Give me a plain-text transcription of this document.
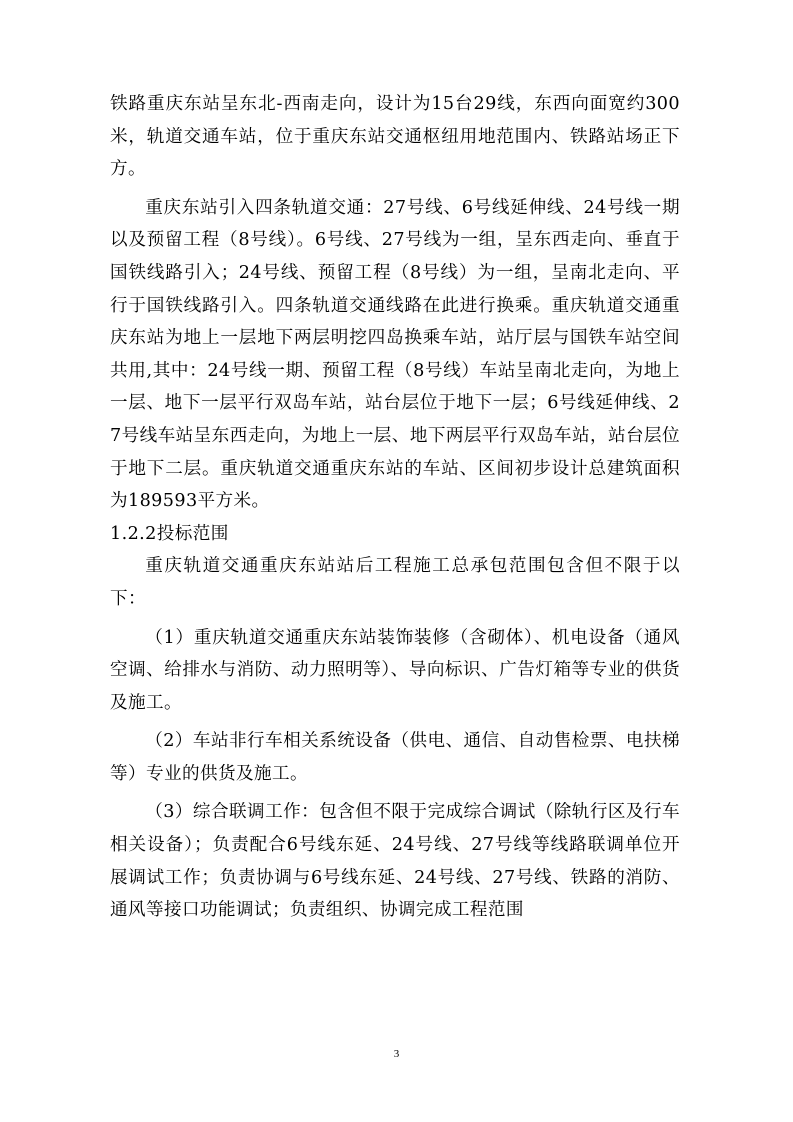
铁路重庆东站呈东北-西南走向，设计为15台29线，东西向面宽约300米，轨道交通车站，位于重庆东站交通枢纽用地范围内、铁路站场正下方。

重庆东站引入四条轨道交通：27号线、6号线延伸线、24号线一期以及预留工程（8号线）。6号线、27号线为一组，呈东西走向、垂直于国铁线路引入；24号线、预留工程（8号线）为一组，呈南北走向、平行于国铁线路引入。四条轨道交通线路在此进行换乘。重庆轨道交通重庆东站为地上一层地下两层明挖四岛换乘车站，站厅层与国铁车站空间共用,其中：24号线一期、预留工程（8号线）车站呈南北走向，为地上一层、地下一层平行双岛车站，站台层位于地下一层；6号线延伸线、27号线车站呈东西走向，为地上一层、地下两层平行双岛车站，站台层位于地下二层。重庆轨道交通重庆东站的车站、区间初步设计总建筑面积为189593平方米。

1.2.2投标范围

重庆轨道交通重庆东站站后工程施工总承包范围包含但不限于以下：

（1）重庆轨道交通重庆东站装饰装修（含砌体）、机电设备（通风空调、给排水与消防、动力照明等）、导向标识、广告灯箱等专业的供货及施工。

（2）车站非行车相关系统设备（供电、通信、自动售检票、电扶梯等）专业的供货及施工。

（3）综合联调工作：包含但不限于完成综合调试（除轨行区及行车相关设备）；负责配合6号线东延、24号线、27号线等线路联调单位开展调试工作；负责协调与6号线东延、24号线、27号线、铁路的消防、通风等接口功能调试；负责组织、协调完成工程范围

3
